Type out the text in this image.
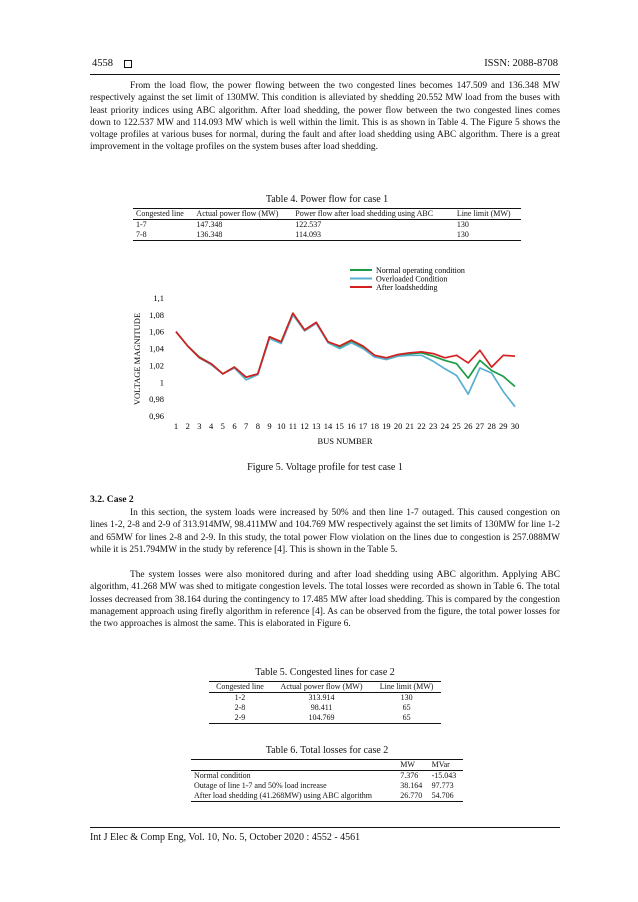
4558	ISSN: 2088-8708

From the load flow, the power flowing between the two congested lines becomes 147.509 and 136.348 MW respectively against the set limit of 130MW. This condition is alleviated by shedding 20.552 MW load from the buses with least priority indices using ABC algorithm. After load shedding, the power flow between the two congested lines comes down to 122.537 MW and 114.093 MW which is well within the limit. This is as shown in Table 4. The Figure 5 shows the voltage profiles at various buses for normal, during the fault and after load shedding using ABC algorithm. There is a great improvement in the voltage profiles on the system buses after load shedding.

Table 4. Power flow for case 1
Congested line	Actual power flow (MW)	Power flow after load shedding using ABC	Line limit (MW)
1-7	147.348	122.537	130
7-8	136.348	114.093	130
Normal operating condition
Overloaded Condition
After loadshedding
1,1
1,08
1,06
1,04
1,02
1
0,98
0,96
1 2 3 4 5 6 7 8 9 10 11 12 13 14 15 16 17 18 19 20 21 22 23 24 25 26 27 28 29 30
VOLTAGE MAGNITUDE
BUS NUMBER
Figure 5. Voltage profile for test case 1
3.2. Case 2

In this section, the system loads were increased by 50% and then line 1-7 outaged. This caused congestion on lines 1-2, 2-8 and 2-9 of 313.914MW, 98.411MW and 104.769 MW respectively against the set limits of 130MW for line 1-2 and 65MW for lines 2-8 and 2-9. In this study, the total power Flow violation on the lines due to congestion is 257.088MW while it is 251.794MW in the study by reference [4]. This is shown in the Table 5.

The system losses were also monitored during and after load shedding using ABC algorithm. Applying ABC algorithm, 41.268 MW was shed to mitigate congestion levels. The total losses were recorded as shown in Table 6. The total losses decreased from 38.164 during the contingency to 17.485 MW after load shedding. This is compared by the congestion management approach using firefly algorithm in reference [4]. As can be observed from the figure, the total power losses for the two approaches is almost the same. This is elaborated in Figure 6.

Table 5. Congested lines for case 2
Congested line	Actual power flow (MW)	Line limit (MW)
1-2	313.914	130
2-8	98.411	65
2-9	104.769	65
Table 6. Total losses for case 2
	MW	MVar
Normal condition	7.376	-15.043
Outage of line 1-7 and 50% load increase	38.164	97.773
After load shedding (41.268MW) using ABC algorithm	26.770	54.706
Int J Elec & Comp Eng, Vol. 10, No. 5, October 2020 : 4552 - 4561
